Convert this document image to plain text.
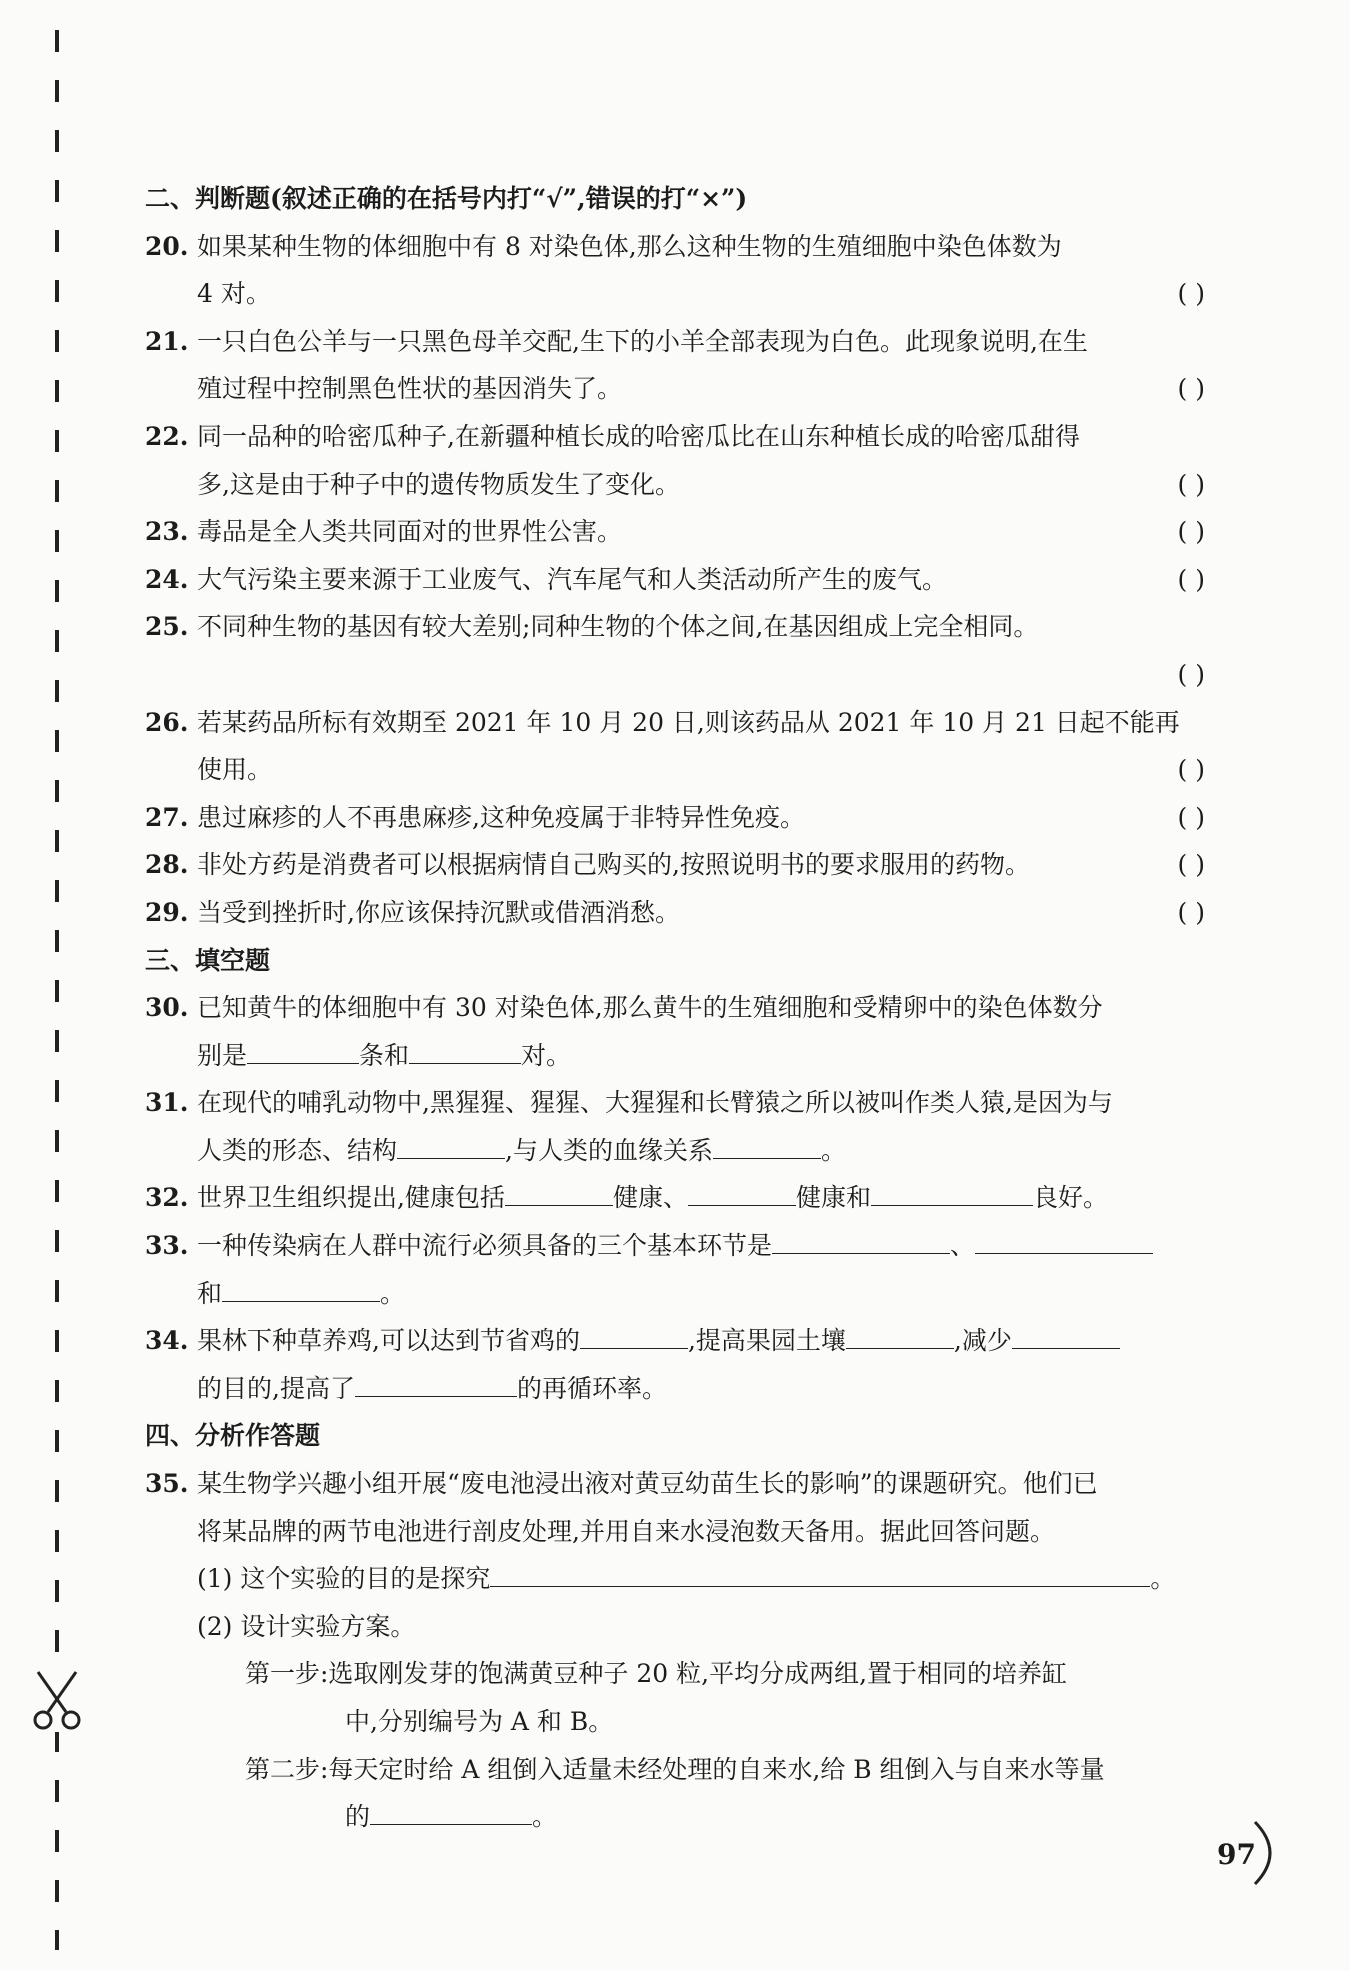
二、判断题(叙述正确的在括号内打“√”,错误的打“×”)
20. 如果某种生物的体细胞中有 8 对染色体,那么这种生物的生殖细胞中染色体数为
4 对。	( )
21. 一只白色公羊与一只黑色母羊交配,生下的小羊全部表现为白色。此现象说明,在生
殖过程中控制黑色性状的基因消失了。	( )
22. 同一品种的哈密瓜种子,在新疆种植长成的哈密瓜比在山东种植长成的哈密瓜甜得
多,这是由于种子中的遗传物质发生了变化。	( )
23. 毒品是全人类共同面对的世界性公害。	( )
24. 大气污染主要来源于工业废气、汽车尾气和人类活动所产生的废气。	( )
25. 不同种生物的基因有较大差别;同种生物的个体之间,在基因组成上完全相同。
( )
26. 若某药品所标有效期至 2021 年 10 月 20 日,则该药品从 2021 年 10 月 21 日起不能再
使用。	( )
27. 患过麻疹的人不再患麻疹,这种免疫属于非特异性免疫。	( )
28. 非处方药是消费者可以根据病情自己购买的,按照说明书的要求服用的药物。	( )
29. 当受到挫折时,你应该保持沉默或借酒消愁。	( )
三、填空题
30. 已知黄牛的体细胞中有 30 对染色体,那么黄牛的生殖细胞和受精卵中的染色体数分
别是	条和	对。
31. 在现代的哺乳动物中,黑猩猩、猩猩、大猩猩和长臂猿之所以被叫作类人猿,是因为与
人类的形态、结构	,与人类的血缘关系	。
32. 世界卫生组织提出,健康包括	健康、	健康和	良好。
33. 一种传染病在人群中流行必须具备的三个基本环节是	、
和	。
34. 果林下种草养鸡,可以达到节省鸡的	,提高果园土壤	,减少
的目的,提高了	的再循环率。
四、分析作答题
35. 某生物学兴趣小组开展“废电池浸出液对黄豆幼苗生长的影响”的课题研究。他们已
将某品牌的两节电池进行剖皮处理,并用自来水浸泡数天备用。据此回答问题。
(1) 这个实验的目的是探究	。
(2) 设计实验方案。
第一步:选取刚发芽的饱满黄豆种子 20 粒,平均分成两组,置于相同的培养缸
中,分别编号为 A 和 B。
第二步:每天定时给 A 组倒入适量未经处理的自来水,给 B 组倒入与自来水等量
的	。
97
